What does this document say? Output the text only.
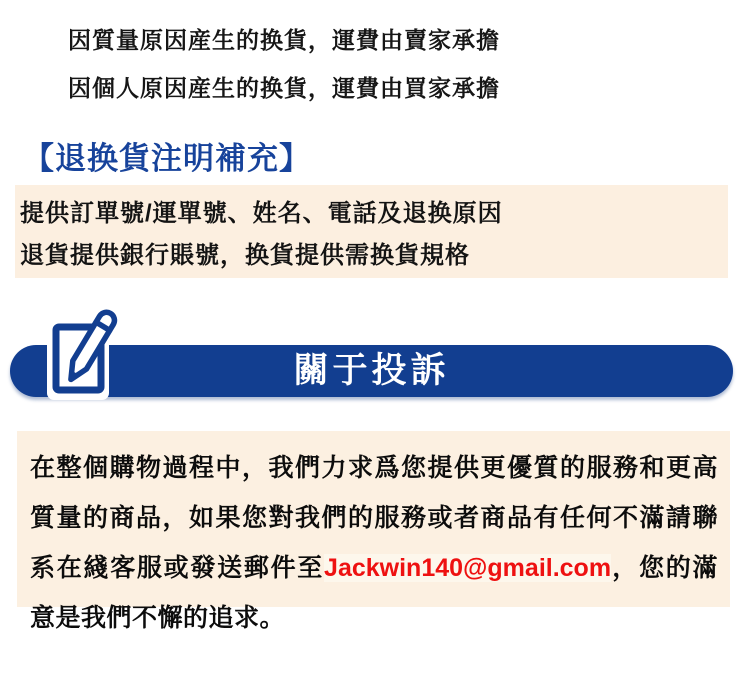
因質量原因産生的换貨，運費由賣家承擔
因個人原因産生的换貨，運費由買家承擔
【退换貨注明補充】
提供訂單號/運單號、姓名、電話及退换原因
退貨提供銀行賬號，换貨提供需换貨規格
關于投訴

在整個購物過程中，我們力求爲您提供更優質的服務和更高質量的商品，如果您對我們的服務或者商品有任何不滿請聯系在綫客服或發送郵件至Jackwin140@gmail.com，您的滿意是我們不懈的追求。
